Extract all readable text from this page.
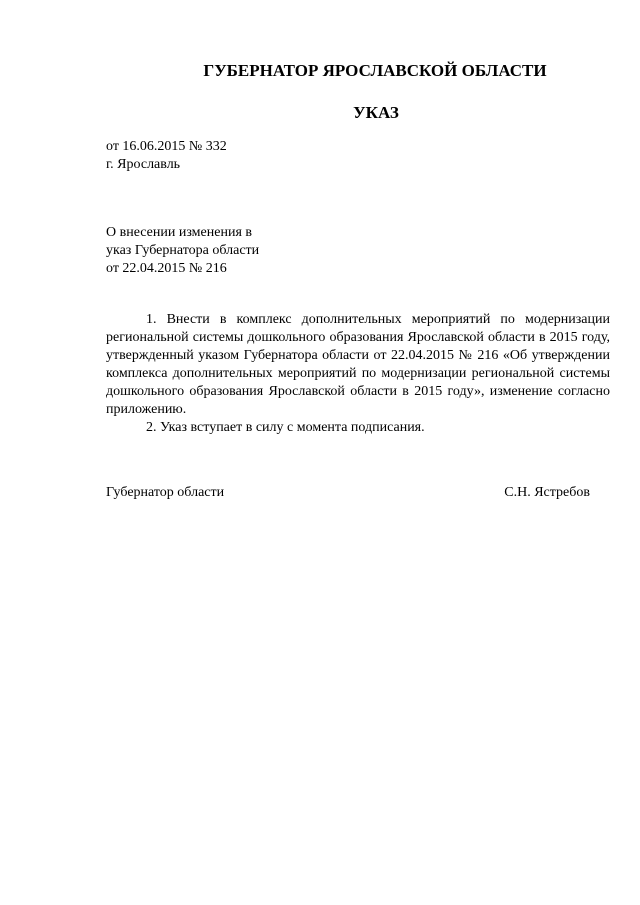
ГУБЕРНАТОР ЯРОСЛАВСКОЙ ОБЛАСТИ
УКАЗ
от 16.06.2015 № 332
г. Ярославль
О внесении изменения в
указ Губернатора области
от 22.04.2015 № 216

1. Внести в комплекс дополнительных мероприятий по модернизации региональной системы дошкольного образования Ярославской области в 2015 году, утвержденный указом Губернатора области от 22.04.2015 № 216 «Об утверждении комплекса дополнительных мероприятий по модернизации региональной системы дошкольного образования Ярославской области в 2015 году», изменение согласно приложению.

2. Указ вступает в силу с момента подписания.

Губернатор области	С.Н. Ястребов
